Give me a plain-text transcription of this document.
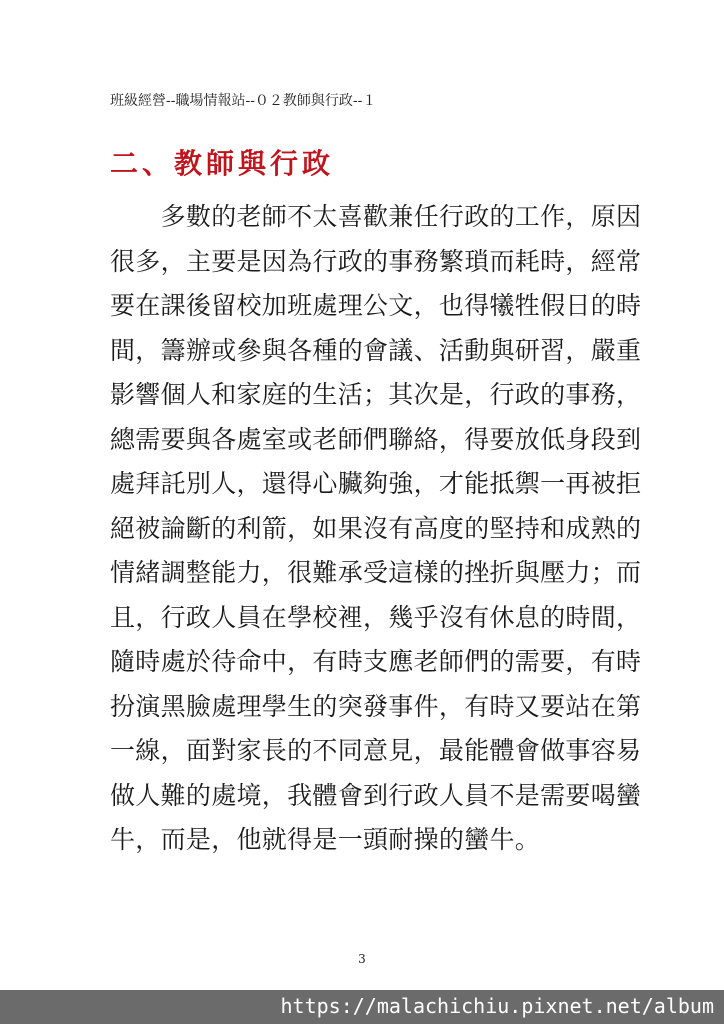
班級經營--職場情報站--０２教師與行政--１
二、教師與行政
　　多數的老師不太喜歡兼任行政的工作，原因
很多，主要是因為行政的事務繁瑣而耗時，經常
要在課後留校加班處理公文，也得犧牲假日的時
間，籌辦或參與各種的會議、活動與研習，嚴重
影響個人和家庭的生活；其次是，行政的事務，
總需要與各處室或老師們聯絡，得要放低身段到
處拜託別人，還得心臟夠強，才能抵禦一再被拒
絕被論斷的利箭，如果沒有高度的堅持和成熟的
情緒調整能力，很難承受這樣的挫折與壓力；而
且，行政人員在學校裡，幾乎沒有休息的時間，
隨時處於待命中，有時支應老師們的需要，有時
扮演黑臉處理學生的突發事件，有時又要站在第
一線，面對家長的不同意見，最能體會做事容易
做人難的處境，我體會到行政人員不是需要喝蠻
牛，而是，他就得是一頭耐操的蠻牛。
3
https://malachichiu.pixnet.net/album
